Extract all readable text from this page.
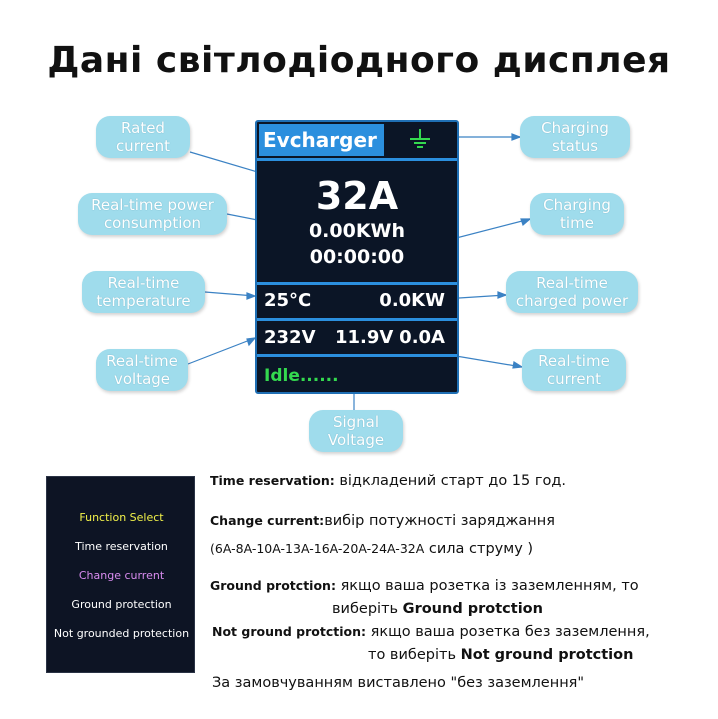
Дані світлодіодного дисплея
Evcharger
32A
0.00KWh
00:00:00
25°C	0.0KW
232V 11.9V 0.0A
Idle......
Rated
current
Real-time power
consumption
Real-time
temperature
Real-time
voltage
Charging
status
Charging
time
Real-time
charged power
Real-time
current
Signal
Voltage
Function Select
Time reservation
Change current
Ground protection
Not grounded protection
Time reservation: відкладений старт до 15 год.
Change current:вибір потужності заряджання
(6A-8A-10A-13A-16A-20A-24A-32A сила струму )
Ground protction: якщо ваша розетка із заземленням, то
виберіть Ground protction
Not ground protction: якщо ваша розетка без заземлення,
то виберіть Not ground protction
За замовчуванням виставлено "без заземлення"
